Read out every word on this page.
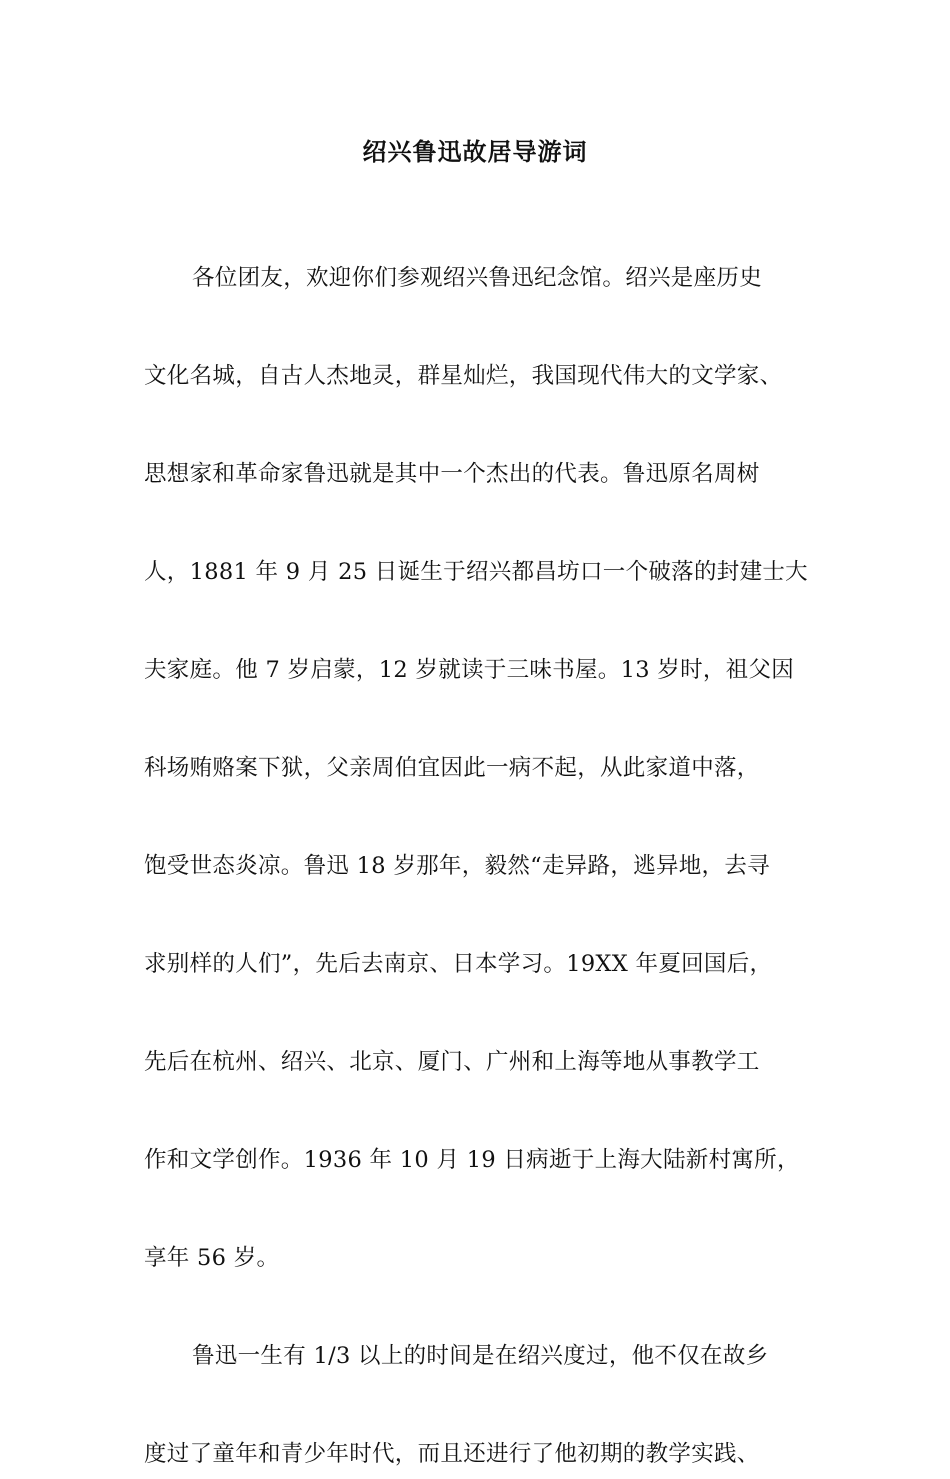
绍兴鲁迅故居导游词
各位团友，欢迎你们参观绍兴鲁迅纪念馆。绍兴是座历史
文化名城，自古人杰地灵，群星灿烂，我国现代伟大的文学家、
思想家和革命家鲁迅就是其中一个杰出的代表。鲁迅原名周树
人，1881 年 9 月 25 日诞生于绍兴都昌坊口一个破落的封建士大
夫家庭。他 7 岁启蒙，12 岁就读于三味书屋。13 岁时，祖父因
科场贿赂案下狱，父亲周伯宜因此一病不起，从此家道中落，
饱受世态炎凉。鲁迅 18 岁那年，毅然“走异路，逃异地，去寻
求别样的人们”，先后去南京、日本学习。19XX 年夏回国后，
先后在杭州、绍兴、北京、厦门、广州和上海等地从事教学工
作和文学创作。1936 年 10 月 19 日病逝于上海大陆新村寓所，
享年 56 岁。
鲁迅一生有 1/3 以上的时间是在绍兴度过，他不仅在故乡
度过了童年和青少年时代，而且还进行了他初期的教学实践、
